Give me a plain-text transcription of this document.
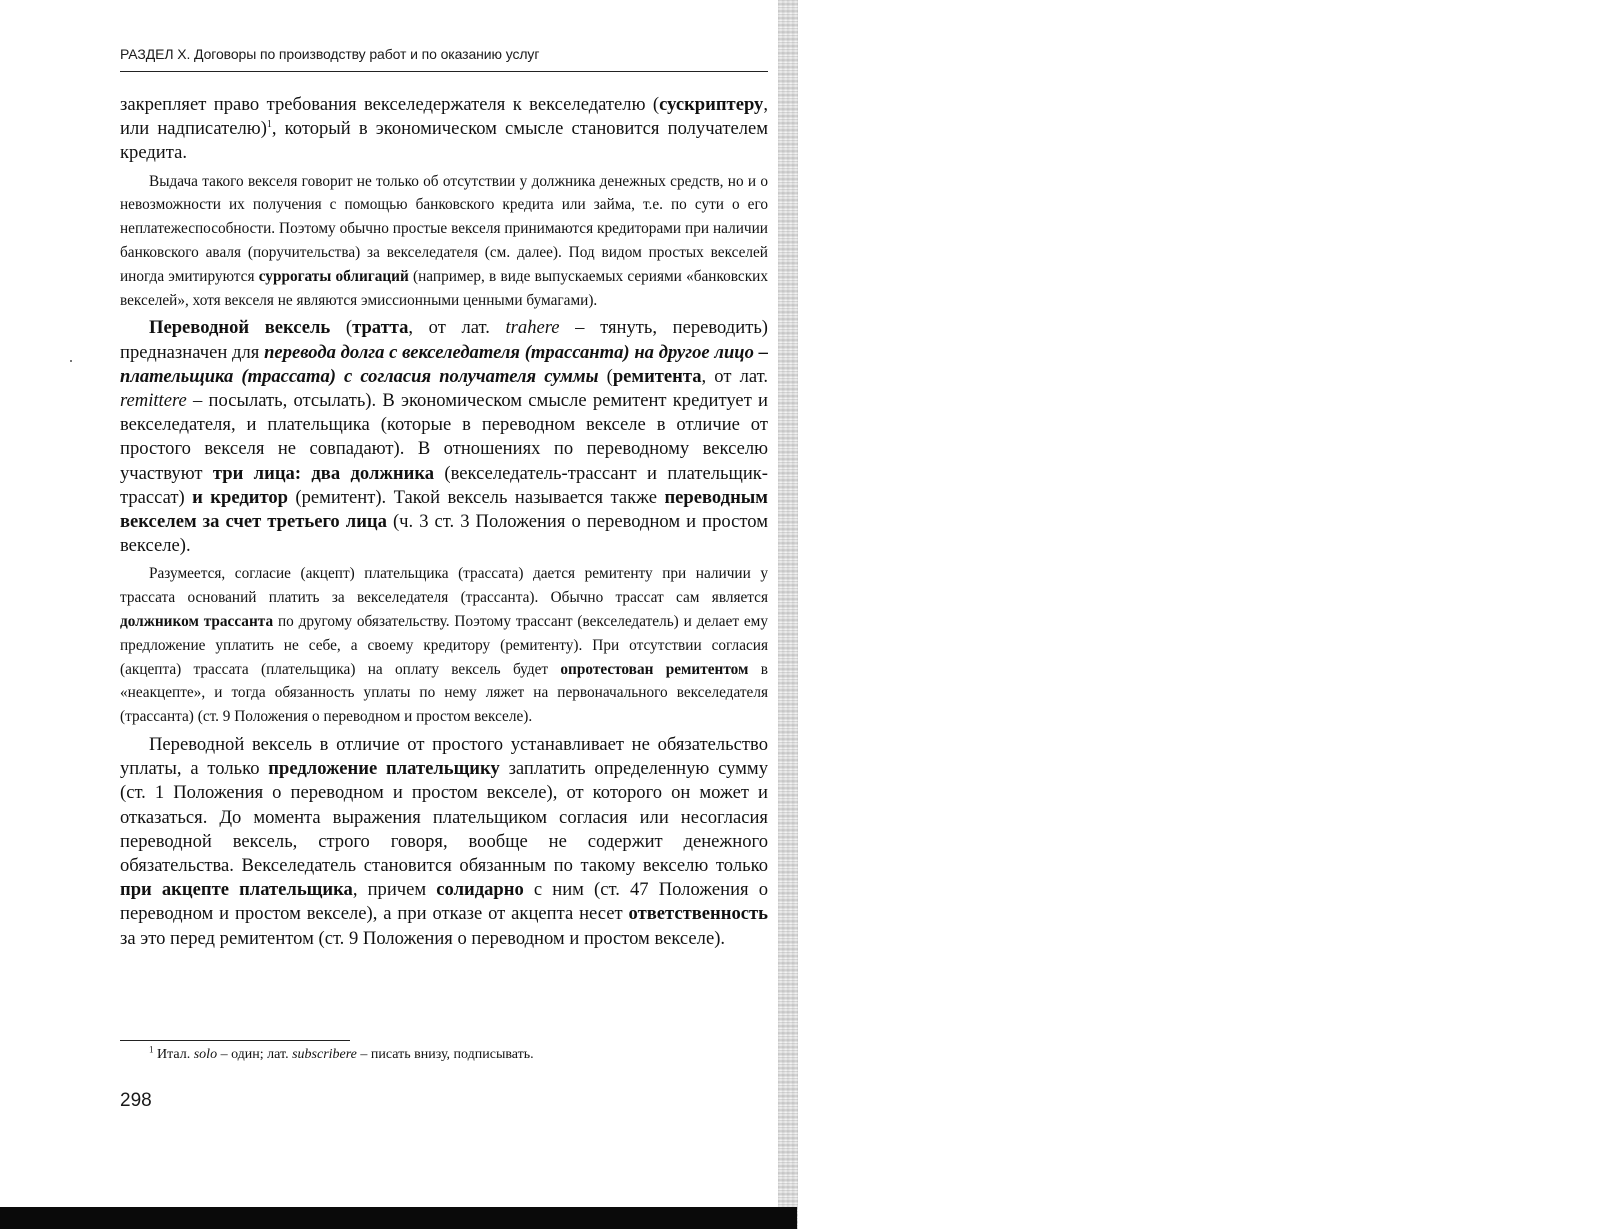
РАЗДЕЛ X. Договоры по производству работ и по оказанию услуг

закрепляет право требования векселедержателя к векселедателю (сускриптеру, или надписателю)$^1$, который в экономическом смысле становится получателем кредита.

Выдача такого векселя говорит не только об отсутствии у должника денежных средств, но и о невозможности их получения с помощью банковского кредита или займа, т.е. по сути о его неплатежеспособности. Поэтому обычно простые векселя принимаются кредиторами при наличии банковского аваля (поручительства) за векселедателя (см. далее). Под видом простых векселей иногда эмитируются суррогаты облигаций (например, в виде выпускаемых сериями «банковских векселей», хотя векселя не являются эмиссионными ценными бумагами).

Переводной вексель (тратта, от лат. trahere – тянуть, переводить) предназначен для перевода долга с векселедателя (трассанта) на другое лицо – плательщика (трассата) с согласия получателя суммы (ремитента, от лат. remittere – посылать, отсылать). В экономическом смысле ремитент кредитует и векселедателя, и плательщика (которые в переводном векселе в отличие от простого векселя не совпадают). В отношениях по переводному векселю участвуют три лица: два должника (векселедатель-трассант и плательщик-трассат) и кредитор (ремитент). Такой вексель называется также переводным векселем за счет третьего лица (ч. 3 ст. 3 Положения о переводном и простом векселе).

Разумеется, согласие (акцепт) плательщика (трассата) дается ремитенту при наличии у трассата оснований платить за векселедателя (трассанта). Обычно трассат сам является должником трассанта по другому обязательству. Поэтому трассант (векселедатель) и делает ему предложение уплатить не себе, а своему кредитору (ремитенту). При отсутствии согласия (акцепта) трассата (плательщика) на оплату вексель будет опротестован ремитентом в «неакцепте», и тогда обязанность уплаты по нему ляжет на первоначального векселедателя (трассанта) (ст. 9 Положения о переводном и простом векселе).

Переводной вексель в отличие от простого устанавливает не обязательство уплаты, а только предложение плательщику заплатить определенную сумму (ст. 1 Положения о переводном и простом векселе), от которого он может и отказаться. До момента выражения плательщиком согласия или несогласия переводной вексель, строго говоря, вообще не содержит денежного обязательства. Векселедатель становится обязанным по такому векселю только при акцепте плательщика, причем солидарно с ним (ст. 47 Положения о переводном и простом векселе), а при отказе от акцепта несет ответственность за это перед ремитентом (ст. 9 Положения о переводном и простом векселе).

$^1$ Итал. solo – один; лат. subscribere – писать внизу, подписывать.
298
